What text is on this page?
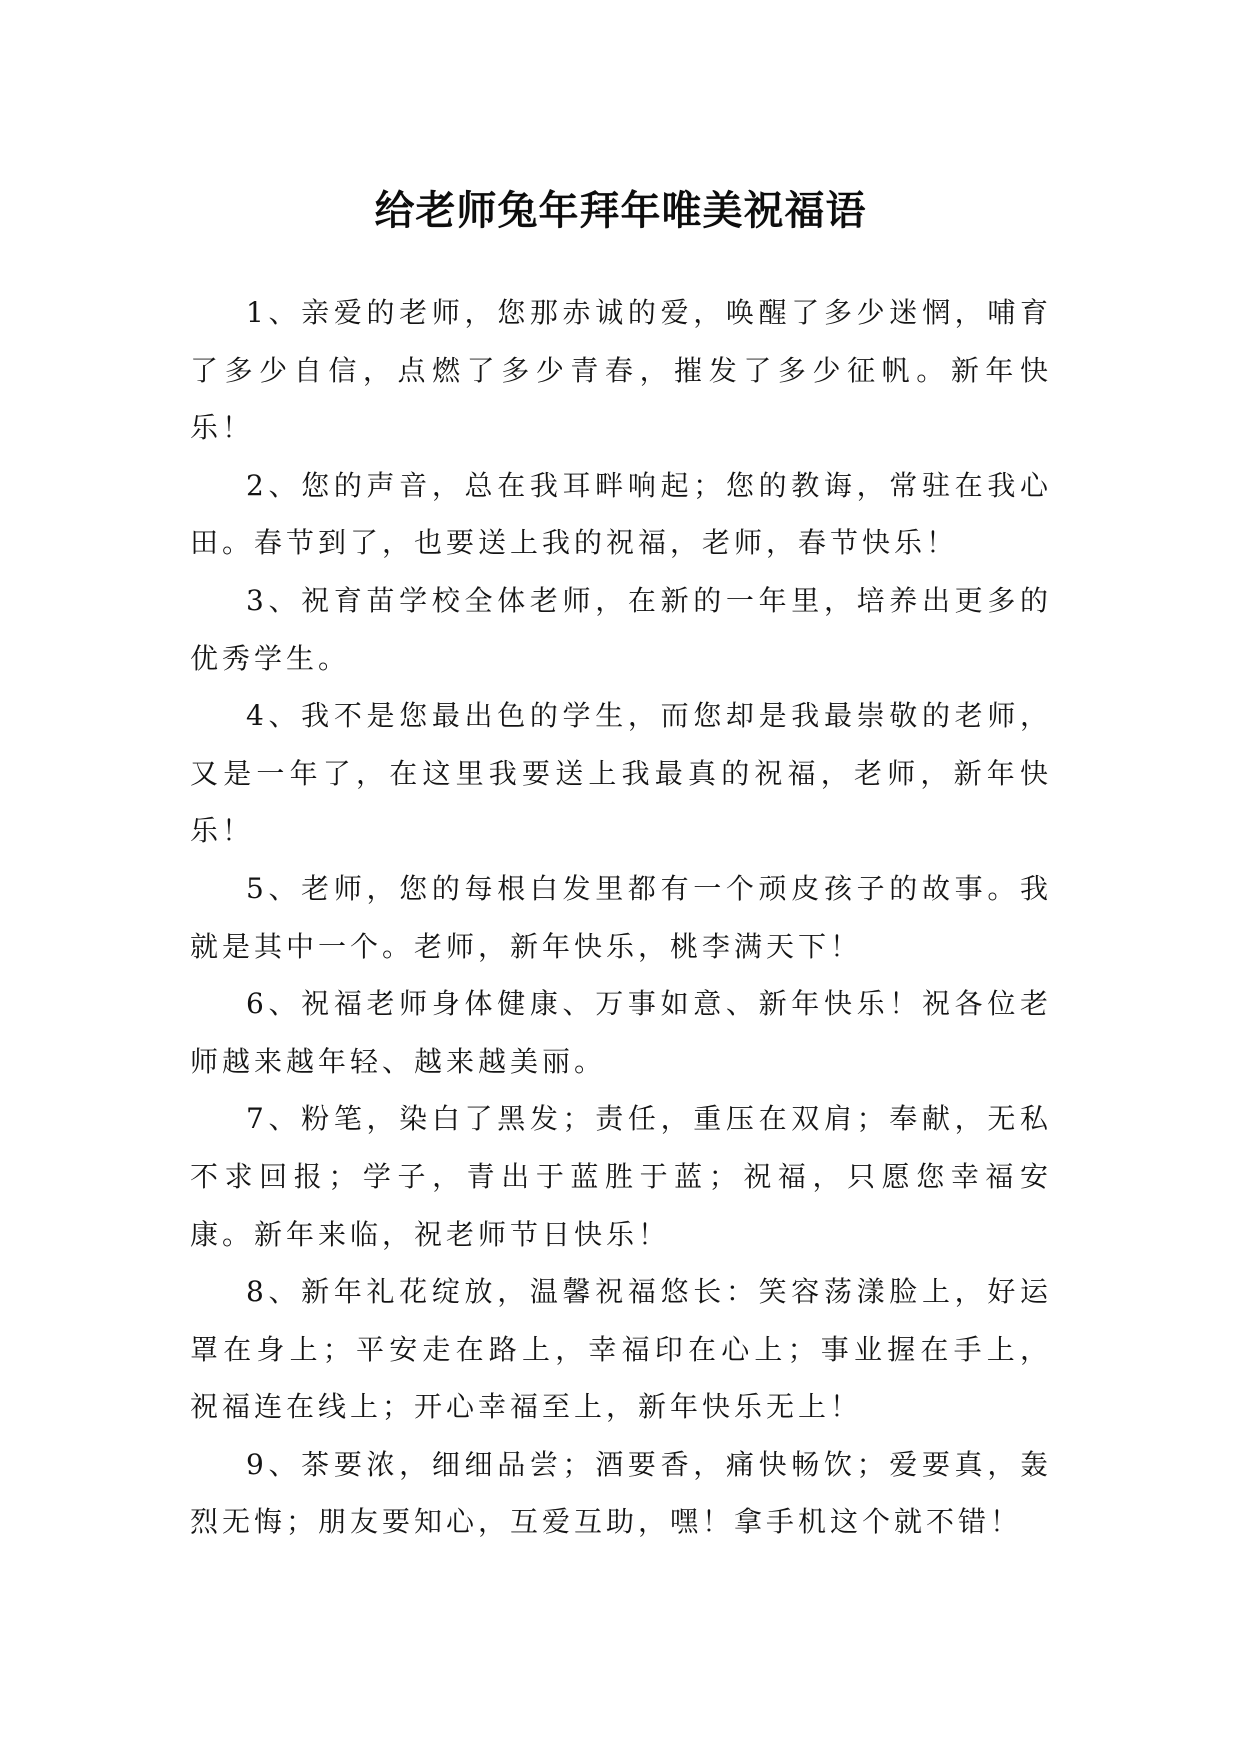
给老师兔年拜年唯美祝福语

1、亲爱的老师，您那赤诚的爱，唤醒了多少迷惘，哺育了多少自信，点燃了多少青春，摧发了多少征帆。新年快乐！

2、您的声音，总在我耳畔响起；您的教诲，常驻在我心田。春节到了，也要送上我的祝福，老师，春节快乐！

3、祝育苗学校全体老师，在新的一年里，培养出更多的优秀学生。

4、我不是您最出色的学生，而您却是我最崇敬的老师，又是一年了，在这里我要送上我最真的祝福，老师，新年快乐！

5、老师，您的每根白发里都有一个顽皮孩子的故事。我就是其中一个。老师，新年快乐，桃李满天下！

6、祝福老师身体健康、万事如意、新年快乐！祝各位老师越来越年轻、越来越美丽。

7、粉笔，染白了黑发；责任，重压在双肩；奉献，无私不求回报；学子，青出于蓝胜于蓝；祝福，只愿您幸福安康。新年来临，祝老师节日快乐！

8、新年礼花绽放，温馨祝福悠长：笑容荡漾脸上，好运罩在身上；平安走在路上，幸福印在心上；事业握在手上，祝福连在线上；开心幸福至上，新年快乐无上！

9、茶要浓，细细品尝；酒要香，痛快畅饮；爱要真，轰烈无悔；朋友要知心，互爱互助，嘿！拿手机这个就不错！
